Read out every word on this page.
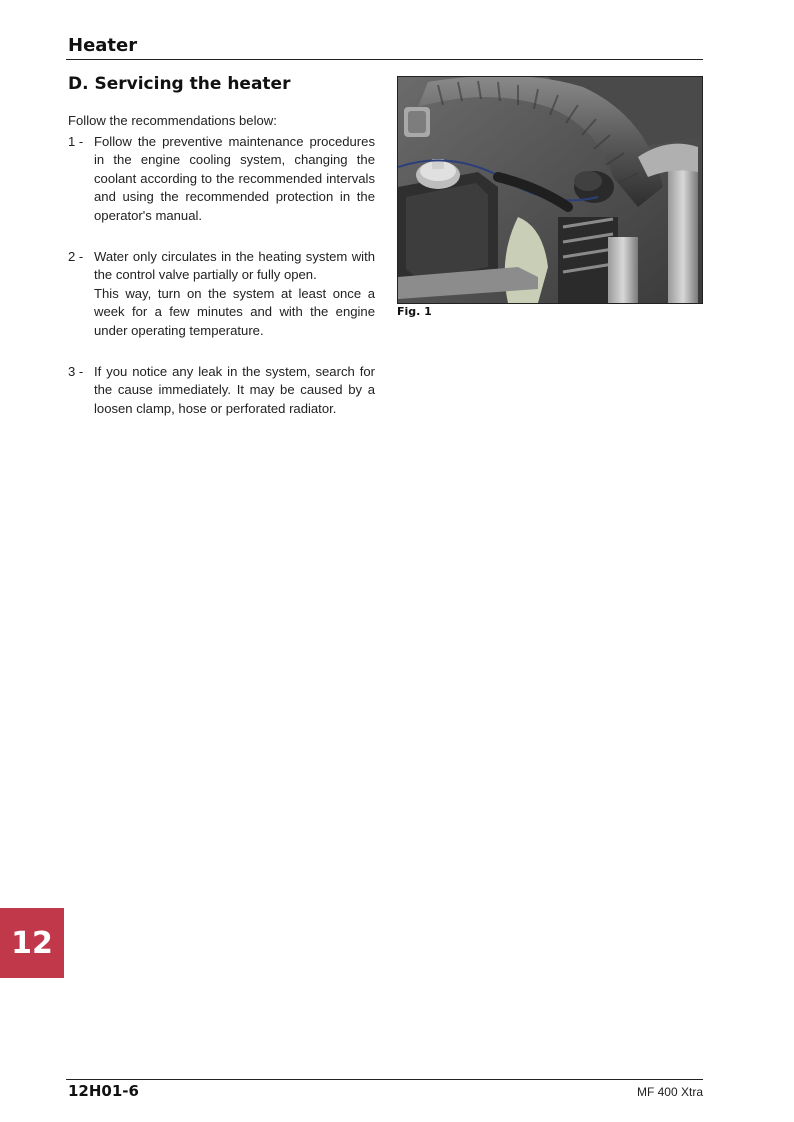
Heater
D. Servicing the heater

Follow the recommendations below:

1 - Follow the preventive maintenance procedures in the engine cooling system, changing the coolant according to the recommended intervals and using the recommended protection in the operator's manual.

2 - Water only circulates in the heating system with the control valve partially or fully open.

This way, turn on the system at least once a week for a few minutes and with the engine under operating temperature.

3 - If you notice any leak in the system, search for the cause immediately. It may be caused by a loosen clamp, hose or perforated radiator.

Fig. 1
12
12H01-6	MF 400 Xtra
